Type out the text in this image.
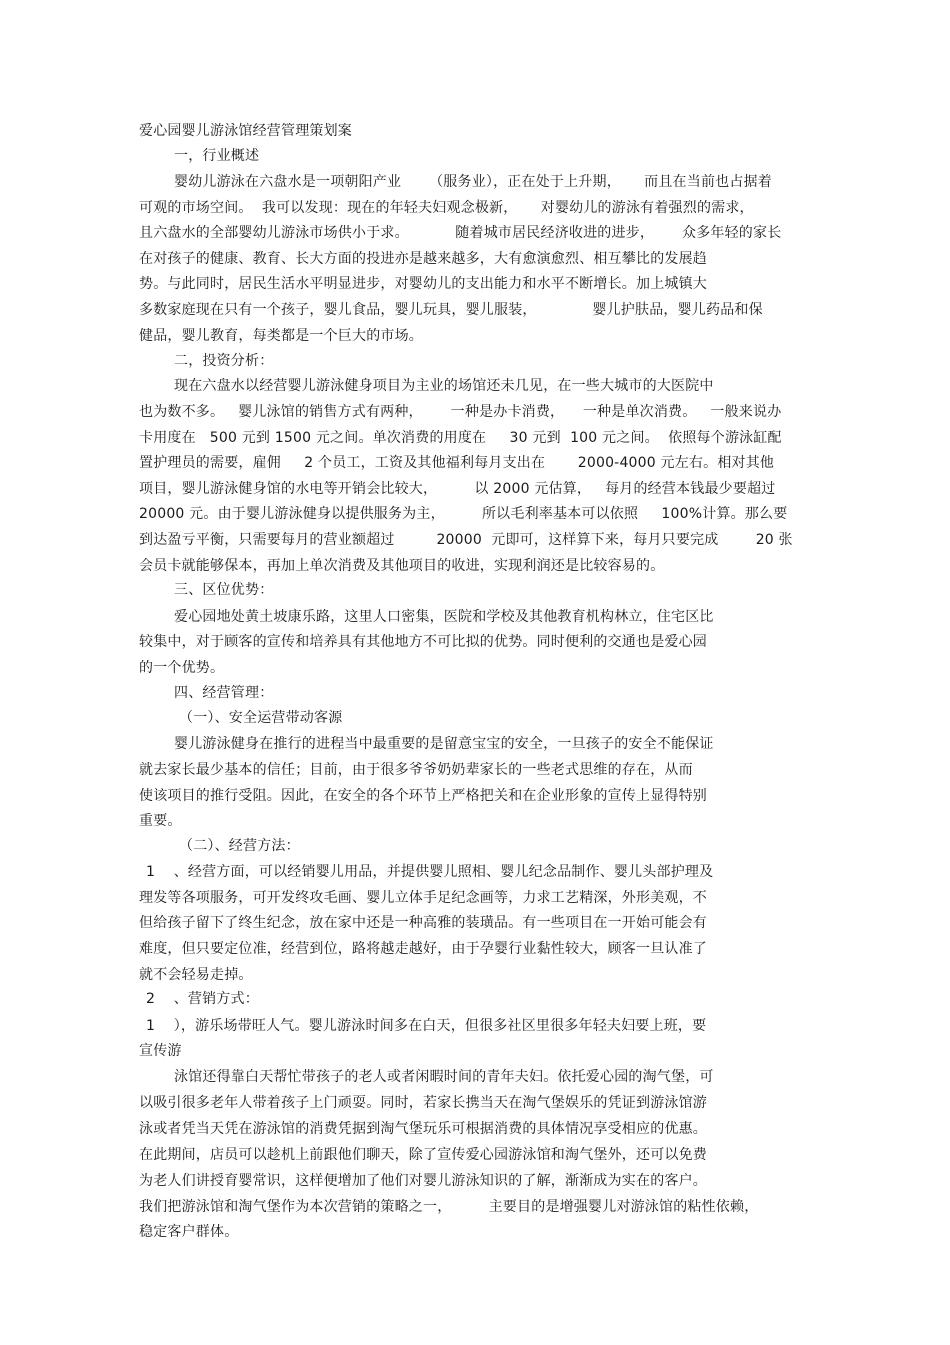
爱心园婴儿游泳馆经营管理策划案
一，行业概述
婴幼儿游泳在六盘水是一项朝阳产业      （服务业），正在处于上升期，     而且在当前也占据着
可观的市场空间。  我可以发现：现在的年轻夫妇观念极新，     对婴幼儿的游泳有着强烈的需求，
且六盘水的全部婴幼儿游泳市场供小于求。          随着城市居民经济收进的进步，      众多年轻的家长
在对孩子的健康、教育、长大方面的投进亦是越来越多，大有愈演愈烈、相互攀比的发展趋
势。与此同时，居民生活水平明显进步，对婴幼儿的支出能力和水平不断增长。加上城镇大
多数家庭现在只有一个孩子，婴儿食品，婴儿玩具，婴儿服装，            婴儿护肤品，婴儿药品和保
健品，婴儿教育，每类都是一个巨大的市场。
二，投资分析：
现在六盘水以经营婴儿游泳健身项目为主业的场馆还未几见，在一些大城市的大医院中
也为数不多。   婴儿泳馆的销售方式有两种，      一种是办卡消费，    一种是单次消费。   一般来说办
卡用度在   500 元到 1500 元之间。单次消费的用度在     30 元到  100 元之间。  依照每个游泳缸配
置护理员的需要，雇佣     2 个员工，工资及其他福利每月支出在       2000-4000 元左右。相对其他
项目，婴儿游泳健身馆的水电等开销会比较大，        以 2000 元估算，   每月的经营本钱最少要超过
20000 元。由于婴儿游泳健身以提供服务为主，        所以毛利率基本可以依照     100%计算。那么要
到达盈亏平衡，只需要每月的营业额超过         20000  元即可，这样算下来，每月只要完成        20 张
会员卡就能够保本，再加上单次消费及其他项目的收进，实现利润还是比较容易的。
三、区位优势：
爱心园地处黄土坡康乐路，这里人口密集，医院和学校及其他教育机构林立，住宅区比
较集中，对于顾客的宣传和培养具有其他地方不可比拟的优势。同时便利的交通也是爱心园
的一个优势。
四、经营管理：
（一）、安全运营带动客源
婴儿游泳健身在推行的进程当中最重要的是留意宝宝的安全，一旦孩子的安全不能保证
就去家长最少基本的信任；目前，由于很多爷爷奶奶辈家长的一些老式思维的存在，从而
使该项目的推行受阻。因此，在安全的各个环节上严格把关和在企业形象的宣传上显得特别
重要。
（二）、经营方法：
1    、经营方面，可以经销婴儿用品，并提供婴儿照相、婴儿纪念品制作、婴儿头部护理及
理发等各项服务，可开发终攻毛画、婴儿立体手足纪念画等，力求工艺精深，外形美观，不
但给孩子留下了终生纪念，放在家中还是一种高雅的装璜品。有一些项目在一开始可能会有
难度，但只要定位准，经营到位，路将越走越好，由于孕婴行业黏性较大，顾客一旦认准了
就不会轻易走掉。
2    、营销方式：
1    ），游乐场带旺人气。婴儿游泳时间多在白天，但很多社区里很多年轻夫妇要上班，要
宣传游
泳馆还得靠白天帮忙带孩子的老人或者闲暇时间的青年夫妇。依托爱心园的淘气堡，可
以吸引很多老年人带着孩子上门顽耍。同时，若家长携当天在淘气堡娱乐的凭证到游泳馆游
泳或者凭当天凭在游泳馆的消费凭据到淘气堡玩乐可根据消费的具体情况享受相应的优惠。
在此期间，店员可以趁机上前跟他们聊天，除了宣传爱心园游泳馆和淘气堡外，还可以免费
为老人们讲授育婴常识，这样便增加了他们对婴儿游泳知识的了解，渐渐成为实在的客户。
我们把游泳馆和淘气堡作为本次营销的策略之一，        主要目的是增强婴儿对游泳馆的粘性依赖，
稳定客户群体。
